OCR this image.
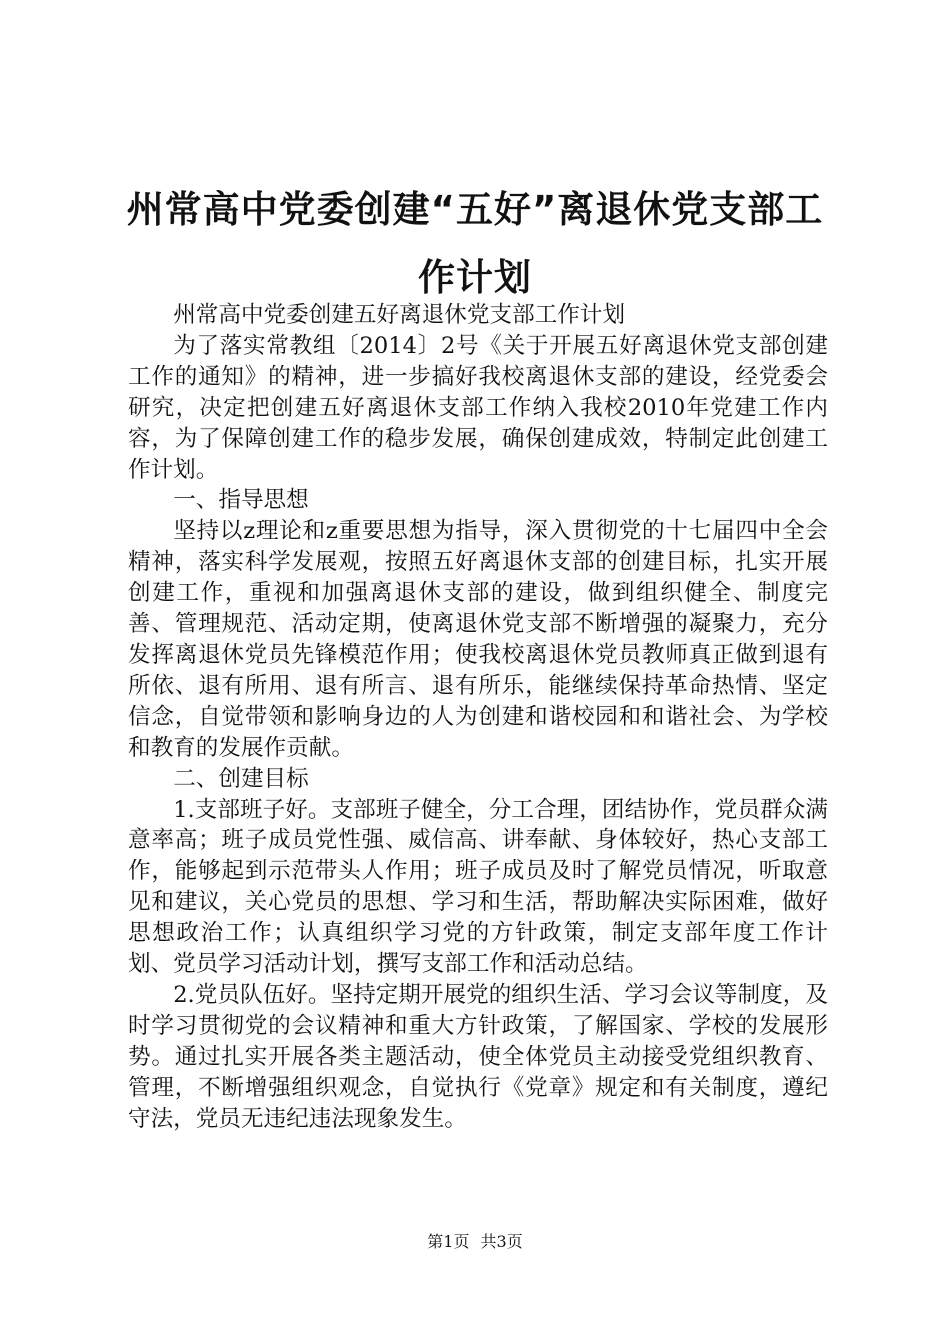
州常高中党委创建“五好”离退休党支部工作计划

州常高中党委创建五好离退休党支部工作计划

为了落实常教组〔2014〕2号《关于开展五好离退休党支部创建工作的通知》的精神，进一步搞好我校离退休支部的建设，经党委会研究，决定把创建五好离退休支部工作纳入我校2010年党建工作内容，为了保障创建工作的稳步发展，确保创建成效，特制定此创建工作计划。

一、指导思想

坚持以z理论和z重要思想为指导，深入贯彻党的十七届四中全会精神，落实科学发展观，按照五好离退休支部的创建目标，扎实开展创建工作，重视和加强离退休支部的建设，做到组织健全、制度完善、管理规范、活动定期，使离退休党支部不断增强的凝聚力，充分发挥离退休党员先锋模范作用；使我校离退休党员教师真正做到退有所依、退有所用、退有所言、退有所乐，能继续保持革命热情、坚定信念，自觉带领和影响身边的人为创建和谐校园和和谐社会、为学校和教育的发展作贡献。

二、创建目标

1.支部班子好。支部班子健全，分工合理，团结协作，党员群众满意率高；班子成员党性强、威信高、讲奉献、身体较好，热心支部工作，能够起到示范带头人作用；班子成员及时了解党员情况，听取意见和建议，关心党员的思想、学习和生活，帮助解决实际困难，做好思想政治工作；认真组织学习党的方针政策，制定支部年度工作计划、党员学习活动计划，撰写支部工作和活动总结。

2.党员队伍好。坚持定期开展党的组织生活、学习会议等制度，及时学习贯彻党的会议精神和重大方针政策，了解国家、学校的发展形势。通过扎实开展各类主题活动，使全体党员主动接受党组织教育、管理，不断增强组织观念，自觉执行《党章》规定和有关制度，遵纪守法，党员无违纪违法现象发生。

第1页 共3页
